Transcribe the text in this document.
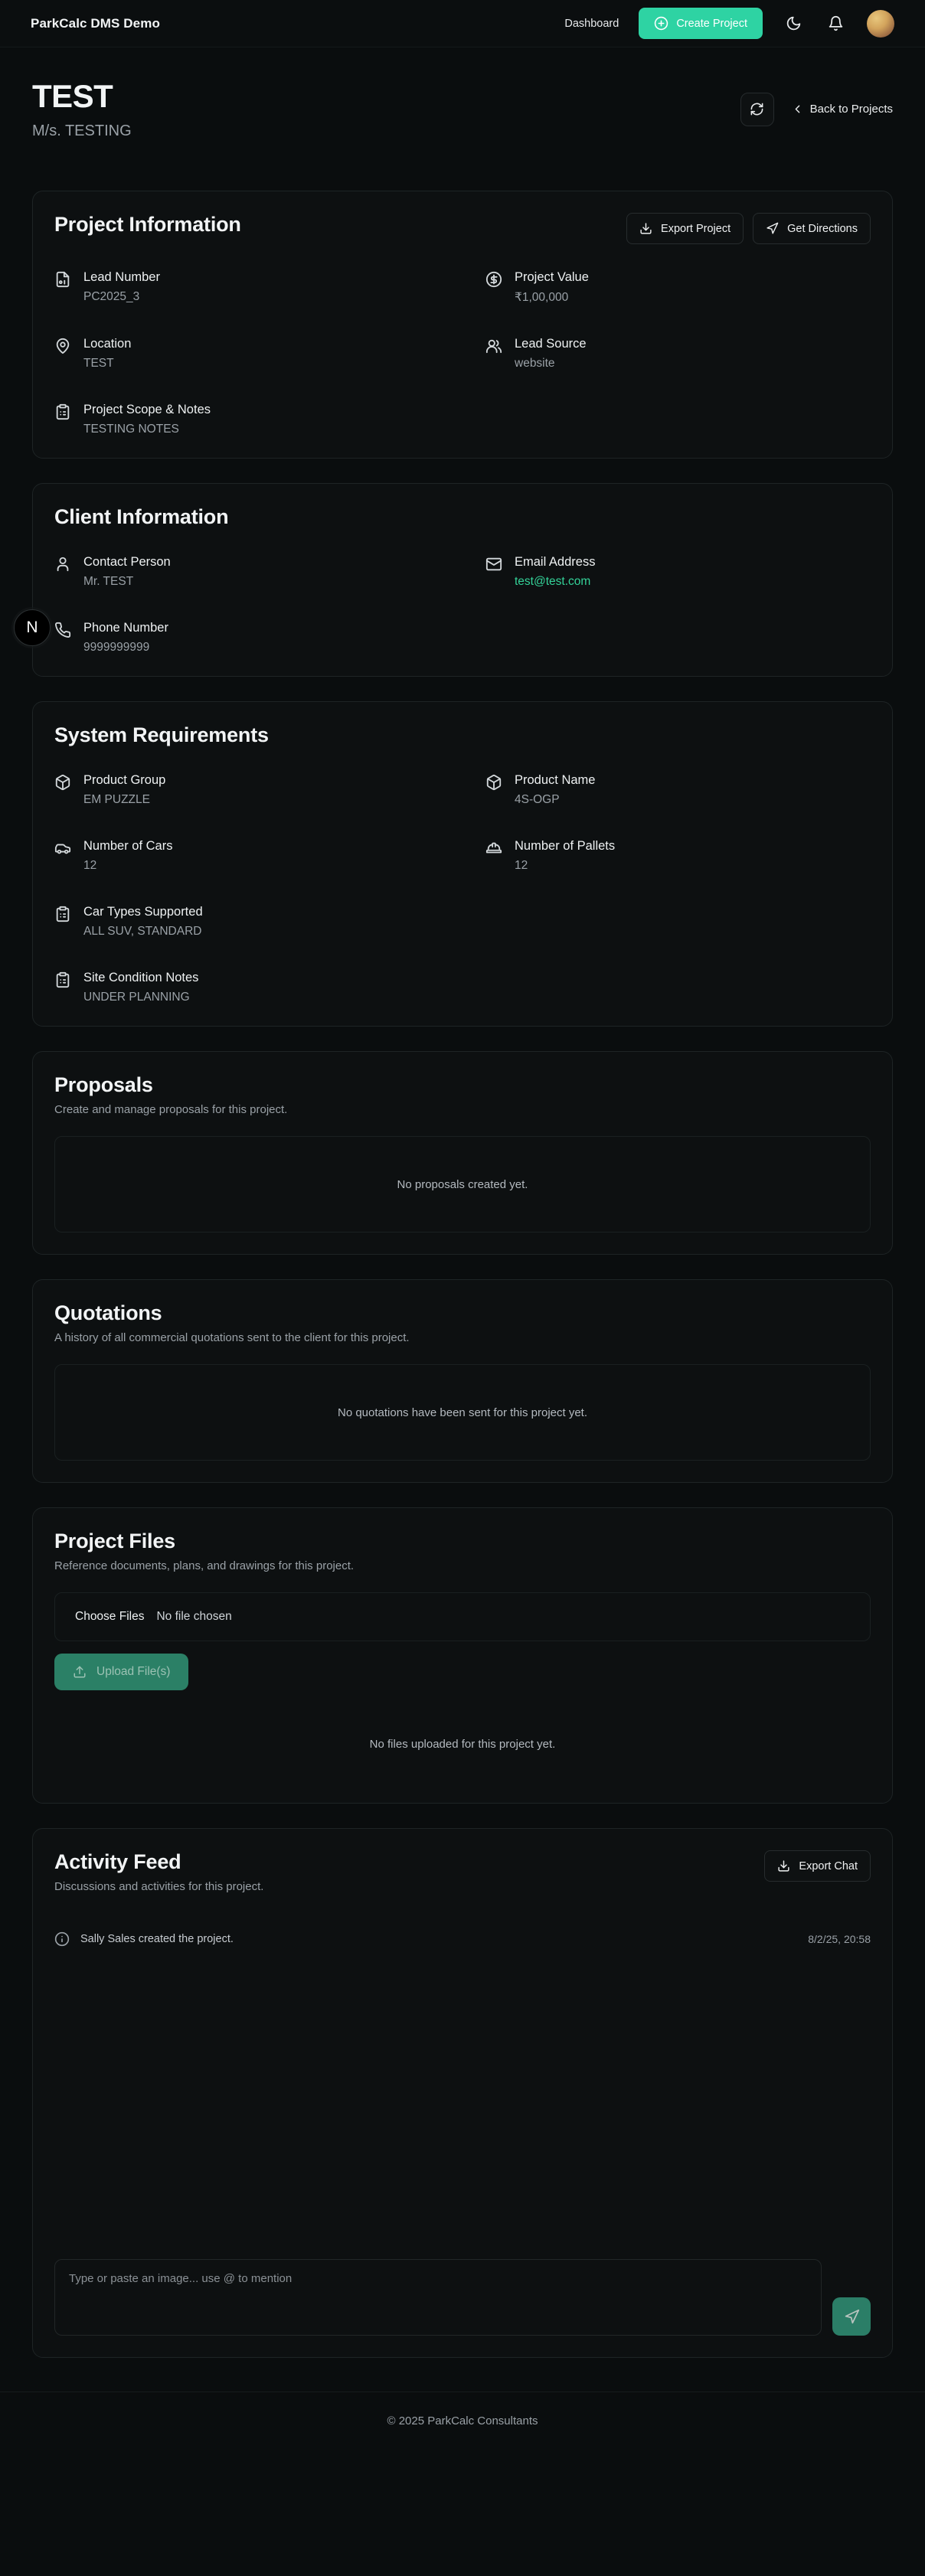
ParkCalc DMS Demo	Dashboard	Create Project
TEST
M/s. TESTING
Back to Projects
Project Information	Export Project	Get Directions
Lead Number
PC2025_3
Project Value
₹1,00,000
Location
TEST
Lead Source
website
Project Scope & Notes
TESTING NOTES
Client Information
Contact Person
Mr. TEST
Email Address
test@test.com
Phone Number
9999999999
System Requirements
Product Group
EM PUZZLE
Product Name
4S-OGP
Number of Cars
12
Number of Pallets
12
Car Types Supported
ALL SUV, STANDARD
Site Condition Notes
UNDER PLANNING
Proposals
Create and manage proposals for this project.
No proposals created yet.
Quotations
A history of all commercial quotations sent to the client for this project.
No quotations have been sent for this project yet.
Project Files
Reference documents, plans, and drawings for this project.
Choose Files No file chosen
Upload File(s)
No files uploaded for this project yet.
Activity Feed
Discussions and activities for this project.
Export Chat
Sally Sales created the project.	8/2/25, 20:58
Type or paste an image... use @ to mention
© 2025 ParkCalc Consultants
N
